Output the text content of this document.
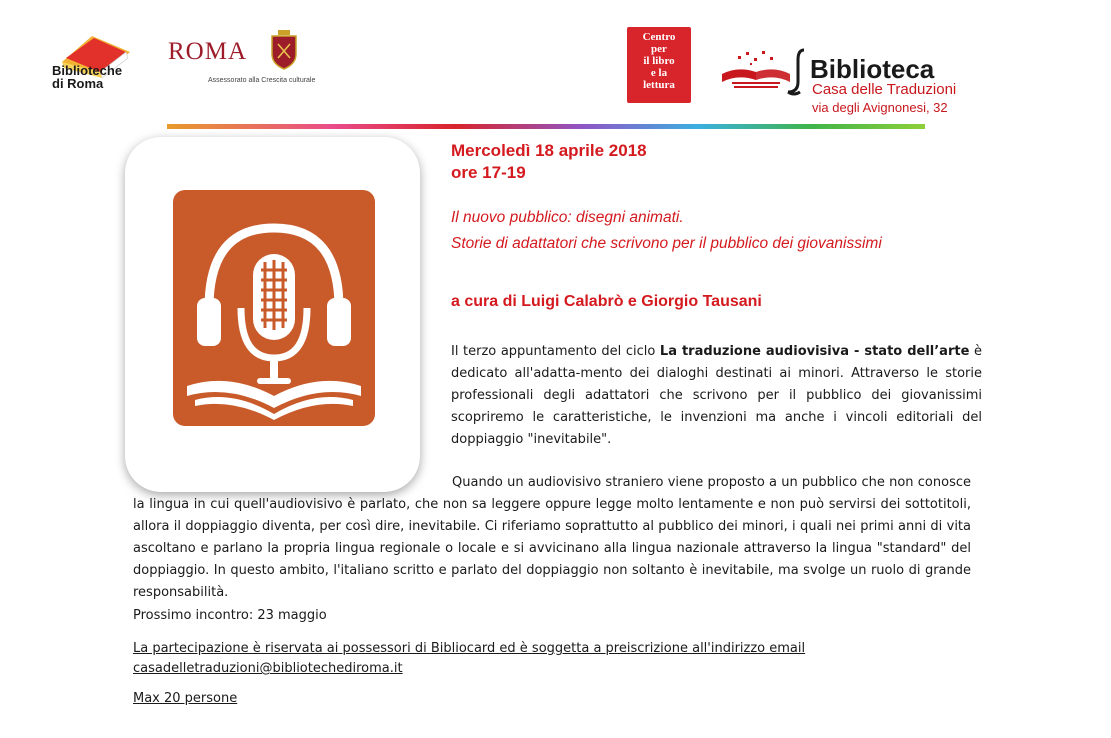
Biblioteche
di Roma
ROMA
Assessorato alla Crescita culturale
Centro
per
il libro
e la
lettura
Biblioteca
Casa delle Traduzioni
via degli Avignonesi, 32
Mercoledì 18 aprile 2018
ore 17-19
Il nuovo pubblico: disegni animati.
Storie di adattatori che scrivono per il pubblico dei giovanissimi
a cura di Luigi Calabrò e Giorgio Tausani
Il terzo appuntamento del ciclo La traduzione audiovisiva - stato dell’arte è dedicato all'adatta-mento dei dialoghi destinati ai minori. Attraverso le storie professionali degli adattatori che scrivono per il pubblico dei giovanissimi scopriremo le caratteristiche, le invenzioni ma anche i vincoli editoriali del doppiaggio "inevitabile".
Quando un audiovisivo straniero viene proposto a un pubblico che non conosce la lingua in cui quell'audiovisivo è parlato, che non sa leggere oppure legge molto lentamente e non può servirsi dei sottotitoli, allora il doppiaggio diventa, per così dire, inevitabile. Ci riferiamo soprattutto al pubblico dei minori, i quali nei primi anni di vita ascoltano e parlano la propria lingua regionale o locale e si avvicinano alla lingua nazionale attraverso la lingua "standard" del doppiaggio. In questo ambito, l'italiano scritto e parlato del doppiaggio non soltanto è inevitabile, ma svolge un ruolo di grande responsabilità.
Prossimo incontro: 23 maggio
La partecipazione è riservata ai possessori di Bibliocard ed è soggetta a preiscrizione all'indirizzo email
casadelletraduzioni@bibliotechediroma.it
Max 20 persone
